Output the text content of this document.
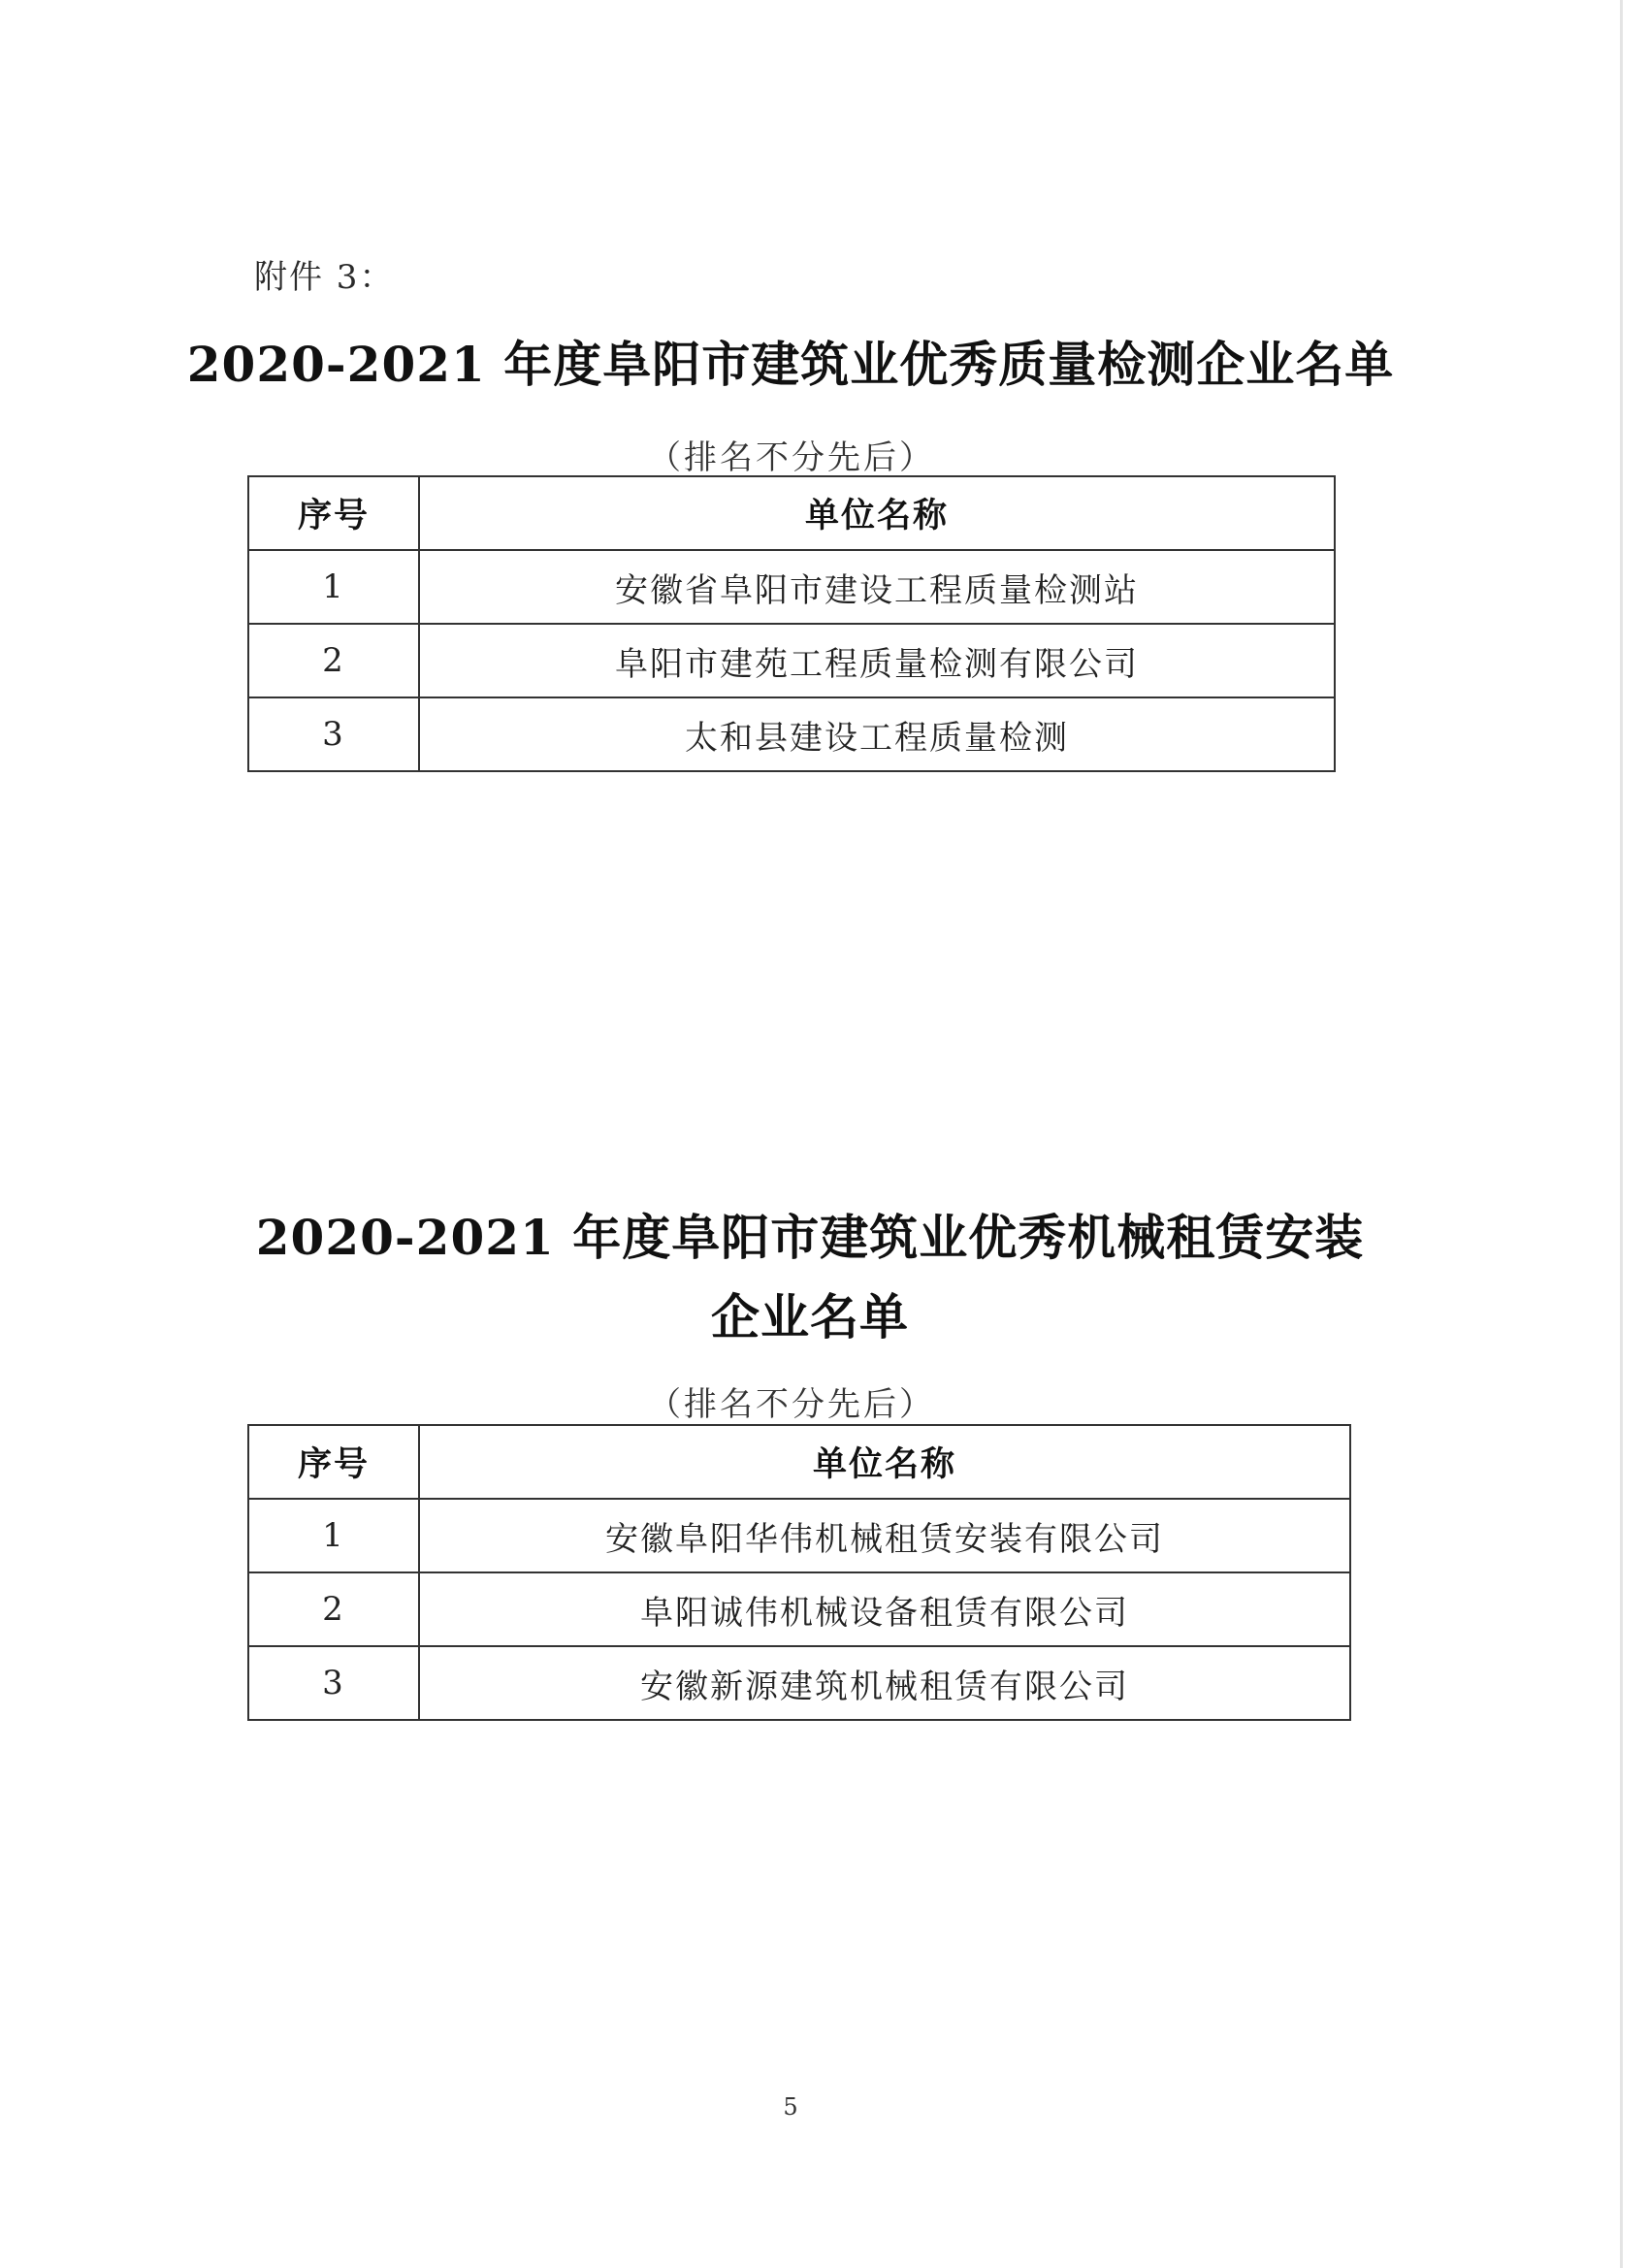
附件 3：
2020-2021 年度阜阳市建筑业优秀质量检测企业名单
（排名不分先后）
序号	单位名称
1	安徽省阜阳市建设工程质量检测站
2	阜阳市建苑工程质量检测有限公司
3	太和县建设工程质量检测
2020-2021 年度阜阳市建筑业优秀机械租赁安装
企业名单
（排名不分先后）
序号	单位名称
1	安徽阜阳华伟机械租赁安装有限公司
2	阜阳诚伟机械设备租赁有限公司
3	安徽新源建筑机械租赁有限公司
5
